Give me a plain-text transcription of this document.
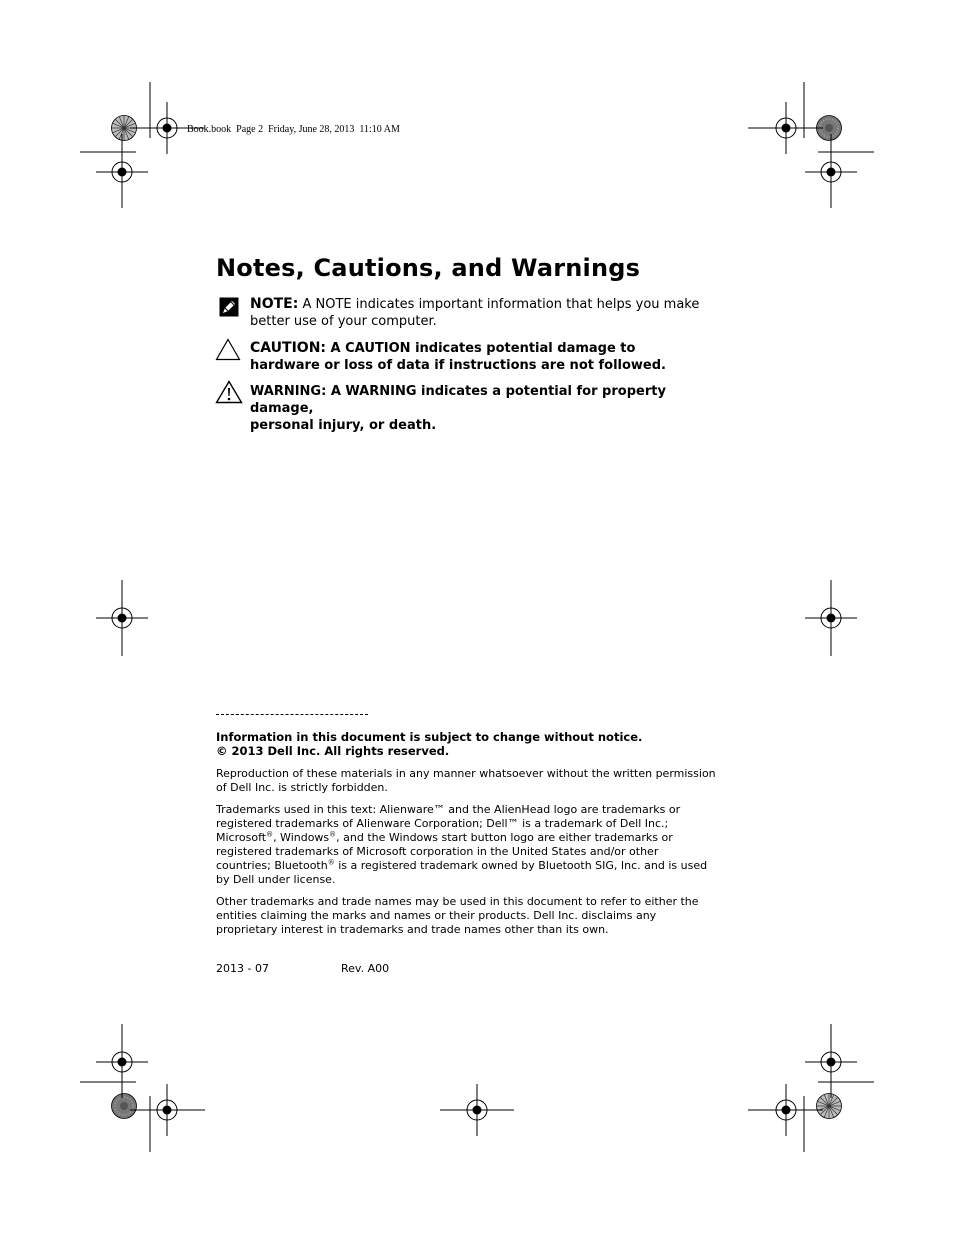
Book.book  Page 2  Friday, June 28, 2013  11:10 AM
Notes, Cautions, and Warnings
NOTE: A NOTE indicates important information that helps you make
better use of your computer.
CAUTION: A CAUTION indicates potential damage to
hardware or loss of data if instructions are not followed.
WARNING: A WARNING indicates a potential for property damage,
personal injury, or death.
Information in this document is subject to change without notice.
© 2013 Dell Inc. All rights reserved.
Reproduction of these materials in any manner whatsoever without the written permission of Dell Inc. is strictly forbidden.
Trademarks used in this text: Alienware™ and the AlienHead logo are trademarks or registered trademarks of Alienware Corporation; Dell™ is a trademark of Dell Inc.; Microsoft®, Windows®, and the Windows start button logo are either trademarks or registered trademarks of Microsoft corporation in the United States and/or other countries; Bluetooth® is a registered trademark owned by Bluetooth SIG, Inc. and is used by Dell under license.
Other trademarks and trade names may be used in this document to refer to either the entities claiming the marks and names or their products. Dell Inc. disclaims any proprietary interest in trademarks and trade names other than its own.
2013 - 07	Rev. A00
